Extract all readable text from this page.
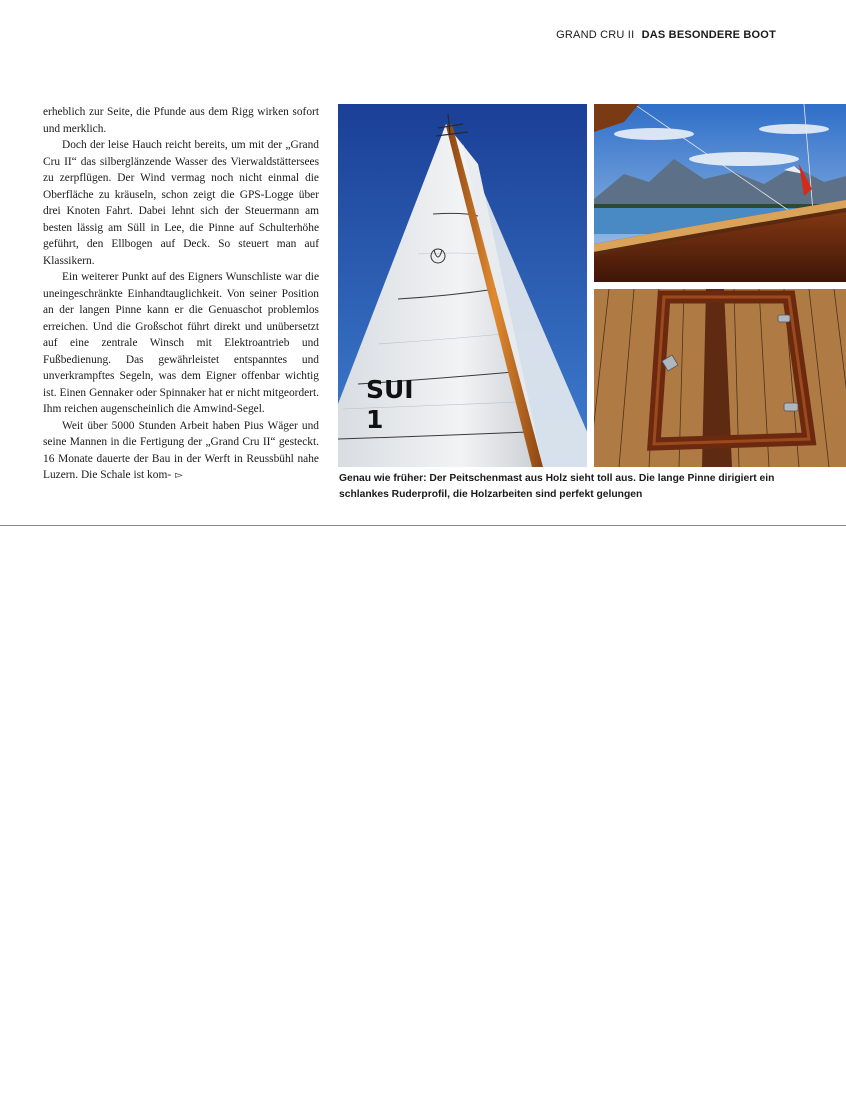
GRAND CRU II DAS BESONDERE BOOT

erheblich zur Seite, die Pfunde aus dem Rigg wirken sofort und merklich.

Doch der leise Hauch reicht bereits, um mit der „Grand Cru II“ das silberglänzende Wasser des Vierwaldstättersees zu zerpflügen. Der Wind vermag noch nicht einmal die Oberfläche zu kräuseln, schon zeigt die GPS-Logge über drei Knoten Fahrt. Dabei lehnt sich der Steuermann am besten lässig am Süll in Lee, die Pinne auf Schulterhöhe geführt, den Ellbogen auf Deck. So steuert man auf Klassikern.

Ein weiterer Punkt auf des Eigners Wunschliste war die uneingeschränkte Einhandtauglichkeit. Von seiner Position an der langen Pinne kann er die Genuaschot problemlos erreichen. Und die Großschot führt direkt und unübersetzt auf eine zentrale Winsch mit Elektroantrieb und Fußbedienung. Das gewährleistet entspanntes und unverkrampftes Segeln, was dem Eigner offenbar wichtig ist. Einen Gennaker oder Spinnaker hat er nicht mitgeordert. Ihm reichen augenscheinlich die Amwind-Segel.

Weit über 5000 Stunden Arbeit haben Pius Wäger und seine Mannen in die Fertigung der „Grand Cru II“ gesteckt. 16 Monate dauerte der Bau in der Werft in Reussbühl nahe Luzern. Die Schale ist kom- ▻

SUI
1
Genau wie früher: Der Peitschenmast aus Holz sieht toll aus. Die lange Pinne dirigiert ein schlankes Ruderprofil, die Holzarbeiten sind perfekt gelungen
